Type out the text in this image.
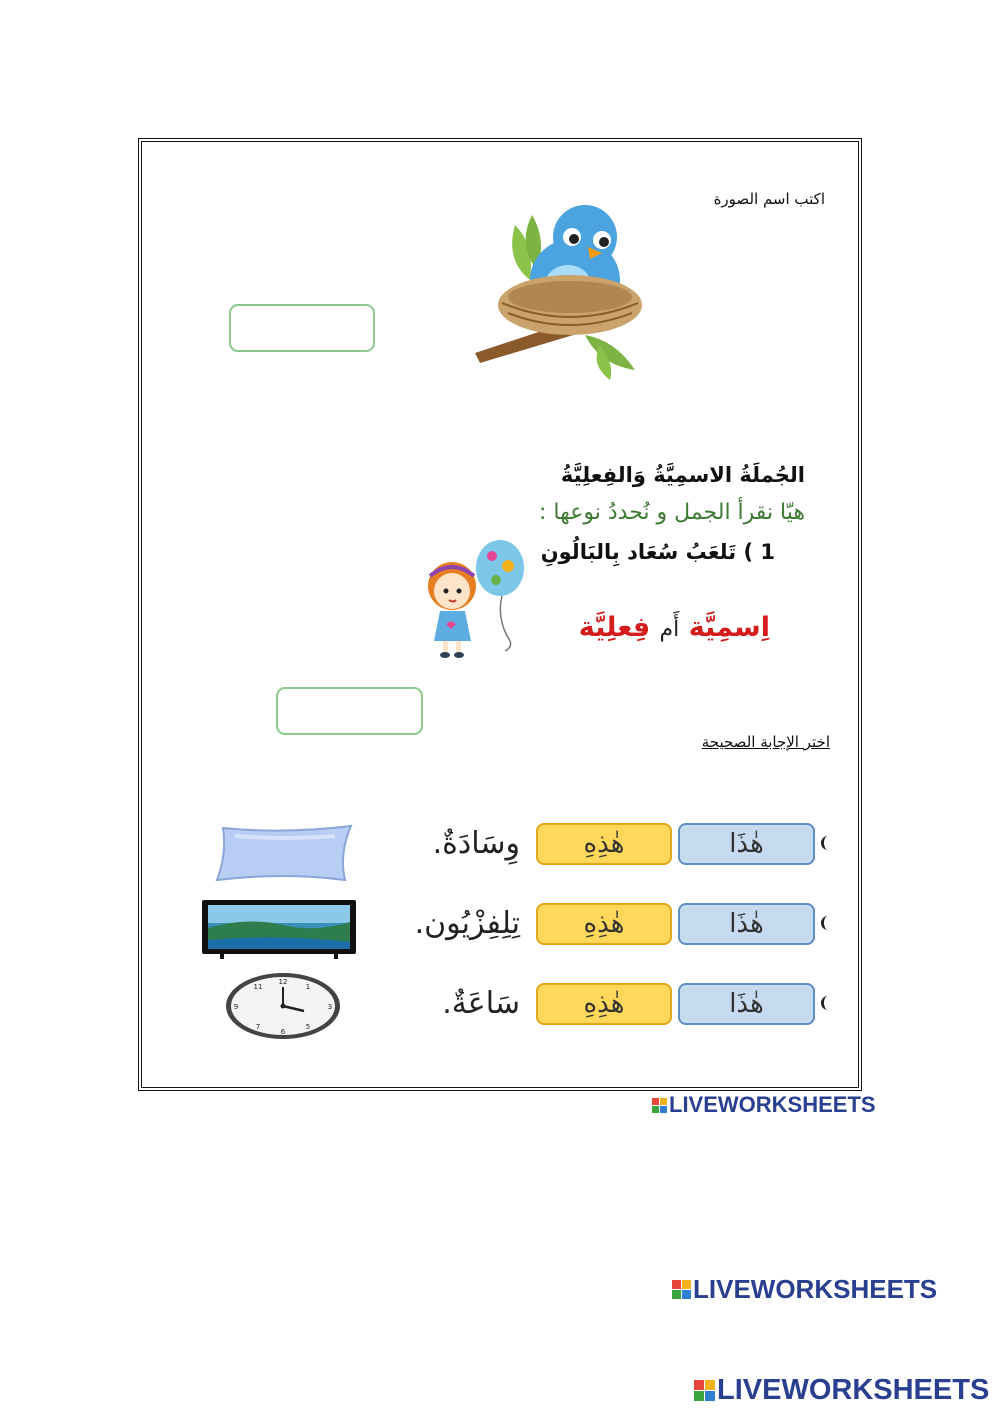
اكتب اسم الصورة
الجُملَةُ الاسمِيَّةُ وَالفِعلِيَّةُ
هيّا نقرأ الجمل و نُحددُ نوعها :
1 ) تَلعَبُ سُعَاد بِالبَالُونِ
اِسمِيَّة أَم فِعلِيَّة
اختر الإجابة الصحيحة
هٰذَا
هٰذِهِ
وِسَادَةٌ.
هٰذَا
هٰذِهِ
تِلِفِزْيُون.
هٰذَا
هٰذِهِ
سَاعَةٌ.
12
6
9	3
1
11
5
7
LIVEWORKSHEETS
LIVEWORKSHEETS
LIVEWORKSHEETS
